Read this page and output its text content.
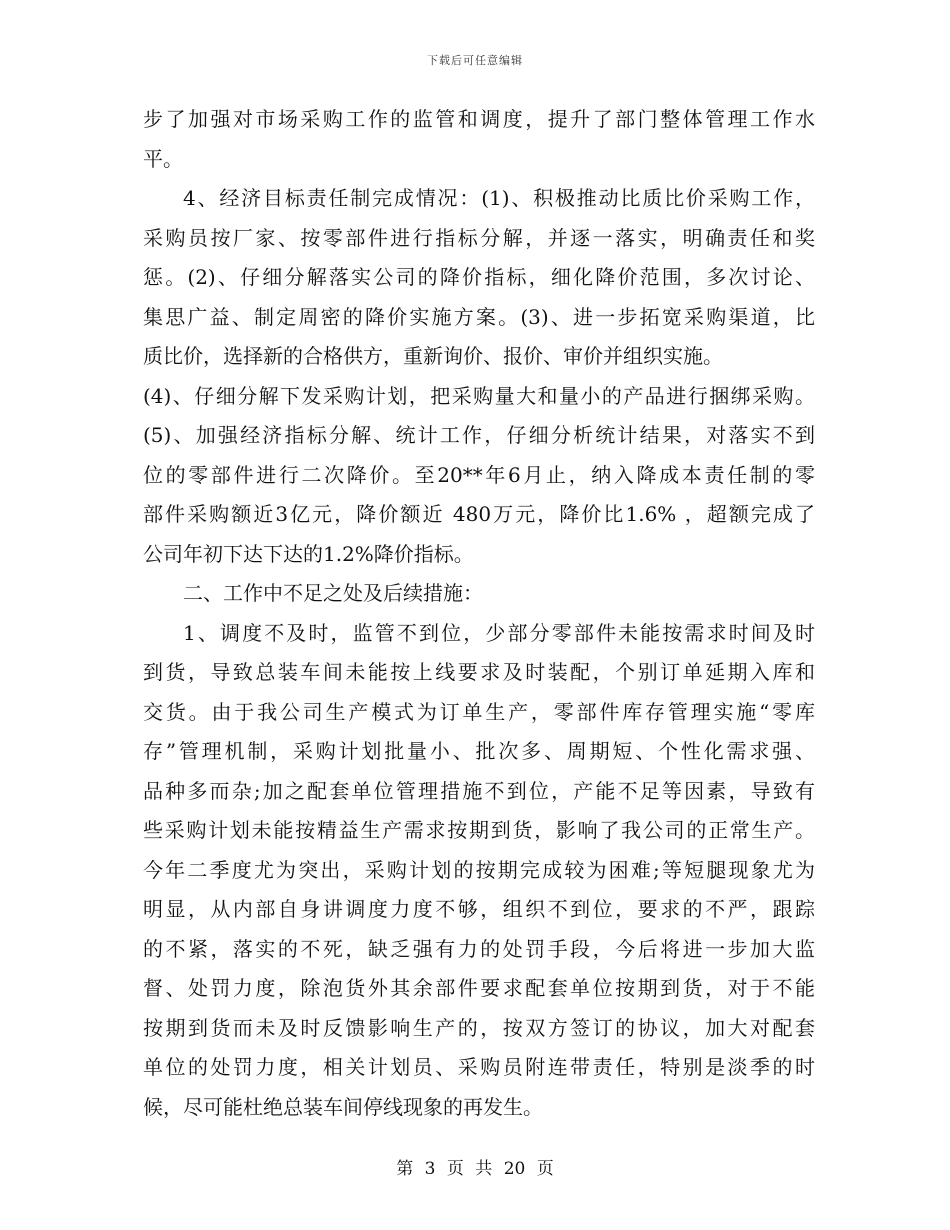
下载后可任意编辑
步了加强对市场采购工作的监管和调度，提升了部门整体管理工作水
平。
4、经济目标责任制完成情况：(1)、积极推动比质比价采购工作，
采购员按厂家、按零部件进行指标分解，并逐一落实，明确责任和奖
惩。(2)、仔细分解落实公司的降价指标，细化降价范围，多次讨论、
集思广益、制定周密的降价实施方案。(3)、进一步拓宽采购渠道，比
质比价，选择新的合格供方，重新询价、报价、审价并组织实施。
(4)、仔细分解下发采购计划，把采购量大和量小的产品进行捆绑采购。
(5)、加强经济指标分解、统计工作，仔细分析统计结果，对落实不到
位的零部件进行二次降价。至20**年6月止，纳入降成本责任制的零
部件采购额近3亿元，降价额近 480万元，降价比1.6% ，超额完成了
公司年初下达下达的1.2%降价指标。
二、工作中不足之处及后续措施：
1、调度不及时，监管不到位，少部分零部件未能按需求时间及时
到货，导致总装车间未能按上线要求及时装配，个别订单延期入库和
交货。由于我公司生产模式为订单生产，零部件库存管理实施“零库
存”管理机制，采购计划批量小、批次多、周期短、个性化需求强、
品种多而杂;加之配套单位管理措施不到位，产能不足等因素，导致有
些采购计划未能按精益生产需求按期到货，影响了我公司的正常生产。
今年二季度尤为突出，采购计划的按期完成较为困难;等短腿现象尤为
明显，从内部自身讲调度力度不够，组织不到位，要求的不严，跟踪
的不紧，落实的不死，缺乏强有力的处罚手段，今后将进一步加大监
督、处罚力度，除泡货外其余部件要求配套单位按期到货，对于不能
按期到货而未及时反馈影响生产的，按双方签订的协议，加大对配套
单位的处罚力度，相关计划员、采购员附连带责任，特别是淡季的时
候，尽可能杜绝总装车间停线现象的再发生。
第 3 页 共 20 页
